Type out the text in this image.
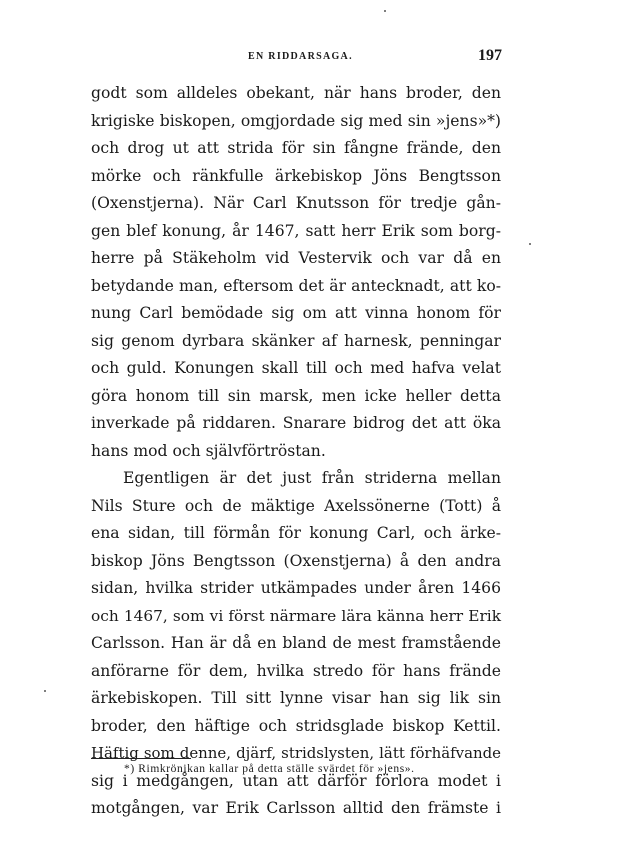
EN RIDDARSAGA.	197
godt som alldeles obekant, när hans broder, den
krigiske biskopen, omgjordade sig med sin »jens»*)
och drog ut att strida för sin fångne frände, den
mörke och ränkfulle ärkebiskop Jöns Bengtsson
(Oxenstjerna). När Carl Knutsson för tredje gån-
gen blef konung, år 1467, satt herr Erik som borg-
herre på Stäkeholm vid Vestervik och var då en
betydande man, eftersom det är antecknadt, att ko-
nung Carl bemödade sig om att vinna honom för
sig genom dyrbara skänker af harnesk, penningar
och guld. Konungen skall till och med hafva velat
göra honom till sin marsk, men icke heller detta
inverkade på riddaren. Snarare bidrog det att öka
hans mod och självförtröstan.
Egentligen är det just från striderna mellan
Nils Sture och de mäktige Axelssönerne (Tott) å
ena sidan, till förmån för konung Carl, och ärke-
biskop Jöns Bengtsson (Oxenstjerna) å den andra
sidan, hvilka strider utkämpades under åren 1466
och 1467, som vi först närmare lära känna herr Erik
Carlsson. Han är då en bland de mest framstående
anförarne för dem, hvilka stredo för hans frände
ärkebiskopen. Till sitt lynne visar han sig lik sin
broder, den häftige och stridsglade biskop Kettil.
Häftig som denne, djärf, stridslysten, lätt förhäfvande
sig i medgången, utan att därför förlora modet i
motgången, var Erik Carlsson alltid den främste i
*) Rimkrönikan kallar på detta ställe svärdet för »jens».
